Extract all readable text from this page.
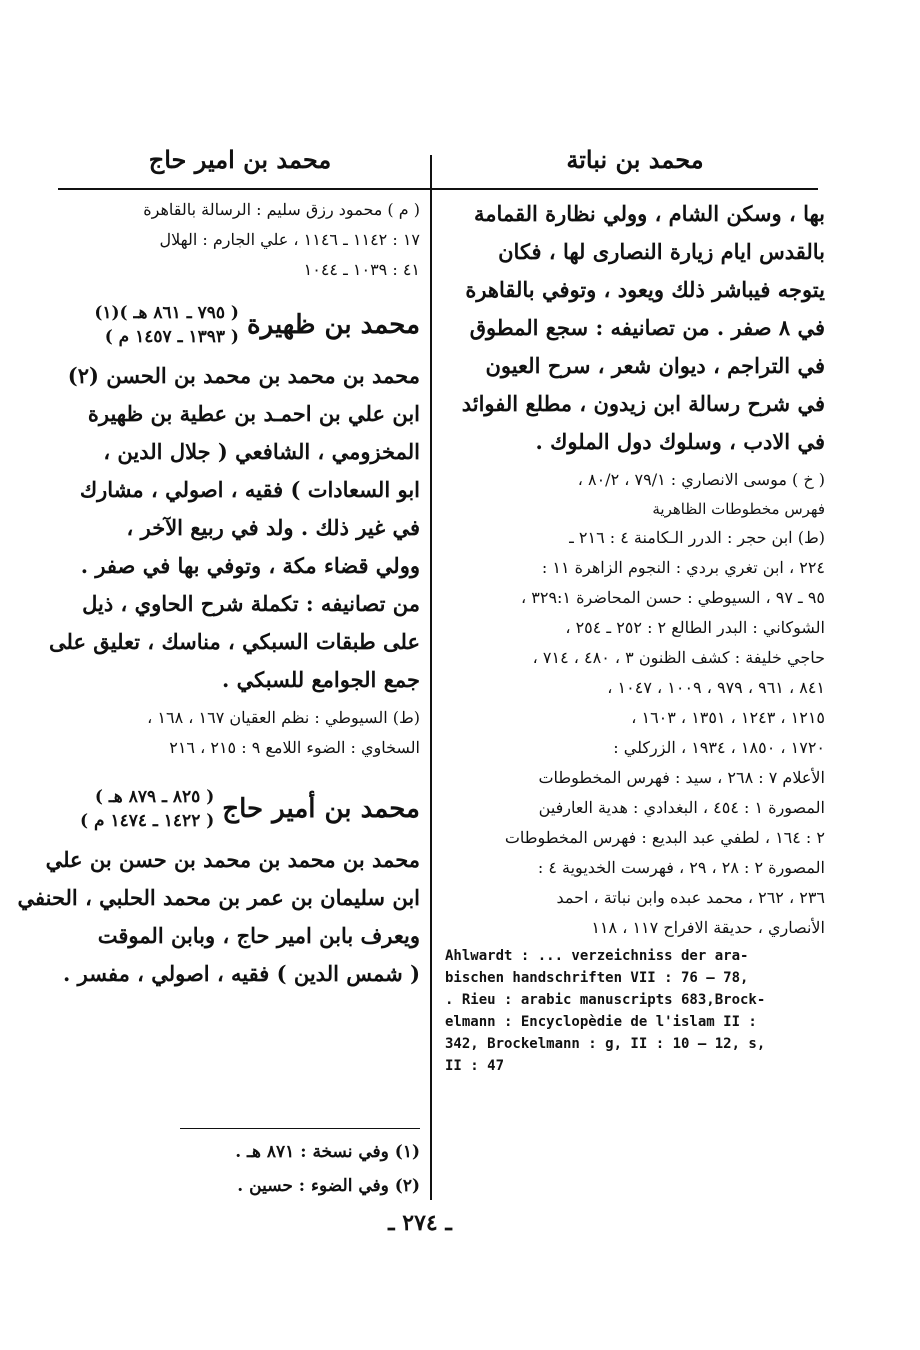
محمد بن نباتة
محمد بن امير حاج
بها ، وسكن الشام ، وولي نظارة القمامة
بالقدس ايام زيارة النصارى لها ، فكان
يتوجه فيباشر ذلك ويعود ، وتوفي بالقاهرة
في ٨ صفر . من تصانيفه : سجع المطوق
في التراجم ، ديوان شعر ، سرح العيون
في شرح رسالة ابن زيدون ، مطلع الفوائد
في الادب ، وسلوك دول الملوك .
( خ ) موسى الانصاري : ٧٩/١ ، ٨٠/٢ ،
فهرس مخطوطات الظاهرية
(ط) ابن حجر : الدرر الـكامنة ٤ : ٢١٦ ـ
٢٢٤ ، ابن تغري بردي : النجوم الزاهرة ١١ :
٩٥ ـ ٩٧ ، السيوطي : حسن المحاضرة ٣٢٩:١ ،
الشوكاني : البدر الطالع ٢ : ٢٥٢ ـ ٢٥٤ ،
حاجي خليفة : كشف الظنون ٣ ، ٤٨٠ ، ٧١٤ ،
٨٤١ ، ٩٦١ ، ٩٧٩ ، ١٠٠٩ ، ١٠٤٧ ،
١٢١٥ ، ١٢٤٣ ، ١٣٥١ ، ١٦٠٣ ،
١٧٢٠ ، ١٨٥٠ ، ١٩٣٤ ، الزركلي :
الأعلام ٧ : ٢٦٨ ، سيد : فهرس المخطوطات
المصورة ١ : ٤٥٤ ، البغدادي : هدية العارفين
٢ : ١٦٤ ، لطفي عبد البديع : فهرس المخطوطات
المصورة ٢ : ٢٨ ، ٢٩ ، فهرست الخديوية ٤ :
٢٣٦ ، ٢٦٢ ، محمد عبده وابن نباتة ، احمد
الأنصاري ، حديقة الافراح ١١٧ ، ١١٨
Ahlwardt : ... verzeichniss der ara-
bischen handschriften VII : 76 — 78,
. Rieu : arabic manuscripts 683,Brock-
elmann : Encyclopèdie de l'islam II :
342, Brockelmann : g, II : 10 — 12, s,
II : 47
( م ) محمود رزق سليم : الرسالة بالقاهرة
١٧ : ١١٤٢ ـ ١١٤٦ ، علي الجارم : الهلال
٤١ : ١٠٣٩ ـ ١٠٤٤
محمد بن ظهيرة
( ٧٩٥ ـ ٨٦١ هـ )(١)
( ١٣٩٣ ـ ١٤٥٧ م )
محمد بن محمد بن محمد بن الحسن (٢)
ابن علي بن احمـد بن عطية بن ظهيرة
المخزومي ، الشافعي ( جلال الدين ،
ابو السعادات ) فقيه ، اصولي ، مشارك
في غير ذلك . ولد في ربيع الآخر ،
وولي قضاء مكة ، وتوفي بها في صفر .
من تصانيفه : تكملة شرح الحاوي ، ذيل
على طبقات السبكي ، مناسك ، تعليق على
جمع الجوامع للسبكي .
(ط) السيوطي : نظم العقيان ١٦٧ ، ١٦٨ ،
السخاوي : الضوء اللامع ٩ : ٢١٥ ، ٢١٦
محمد بن أمير حاج
( ٨٢٥ ـ ٨٧٩ هـ )
( ١٤٢٢ ـ ١٤٧٤ م )
محمد بن محمد بن محمد بن حسن بن علي
ابن سليمان بن عمر بن محمد الحلبي ، الحنفي
ويعرف بابن امير حاج ، وبابن الموقت
( شمس الدين ) فقيه ، اصولي ، مفسر .
(١) وفي نسخة : ٨٧١ هـ .
(٢) وفي الضوء : حسين .
ـ ٢٧٤ ـ
